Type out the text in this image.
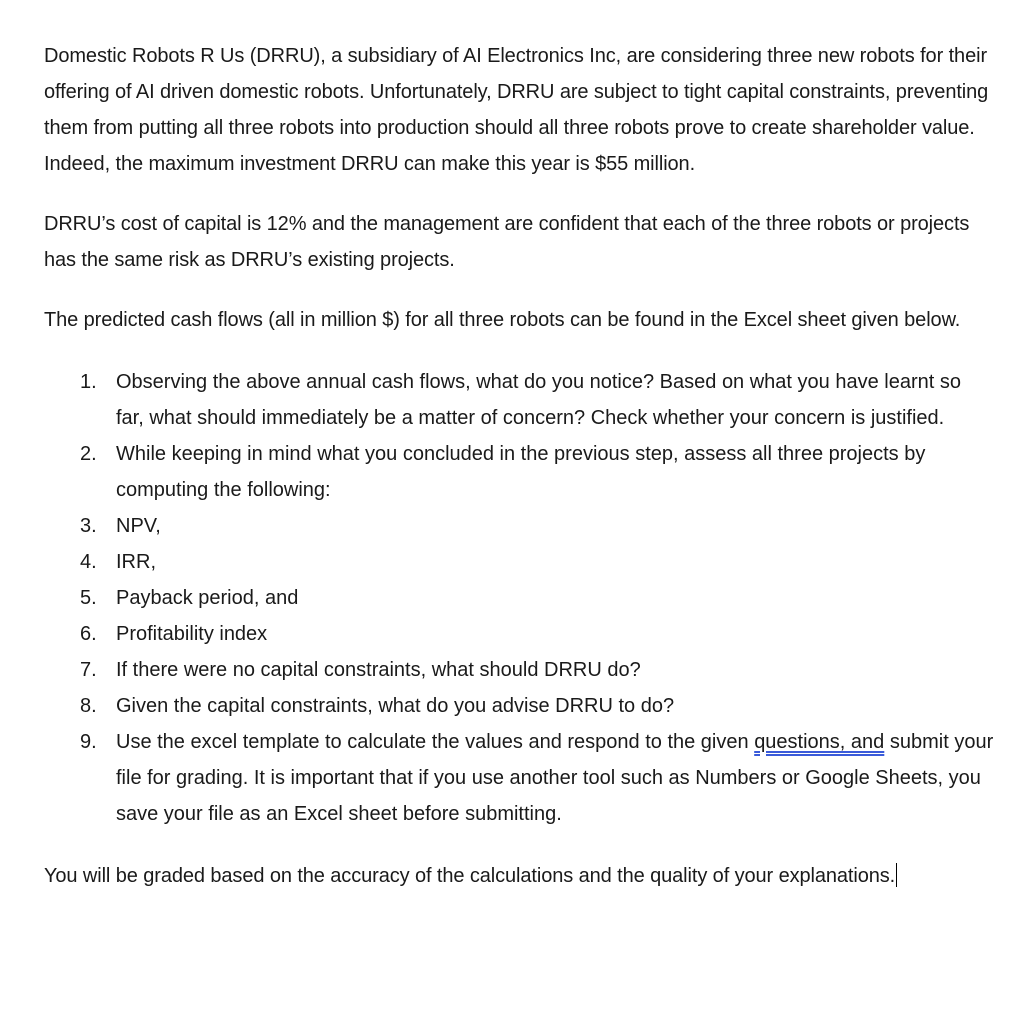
Domestic Robots R Us (DRRU), a subsidiary of AI Electronics Inc, are considering three new robots for their offering of AI driven domestic robots. Unfortunately, DRRU are subject to tight capital constraints, preventing them from putting all three robots into production should all three robots prove to create shareholder value. Indeed, the maximum investment DRRU can make this year is $55 million.

DRRU’s cost of capital is 12% and the management are confident that each of the three robots or projects has the same risk as DRRU’s existing projects.

The predicted cash flows (all in million $) for all three robots can be found in the Excel sheet given below.

1. Observing the above annual cash flows, what do you notice? Based on what you have learnt so far, what should immediately be a matter of concern? Check whether your concern is justified.
2. While keeping in mind what you concluded in the previous step, assess all three projects by computing the following:
3. NPV,
4. IRR,
5. Payback period, and
6. Profitability index
7. If there were no capital constraints, what should DRRU do?
8. Given the capital constraints, what do you advise DRRU to do?
9. Use the excel template to calculate the values and respond to the given questions, and submit your file for grading. It is important that if you use another tool such as Numbers or Google Sheets, you save your file as an Excel sheet before submitting.

You will be graded based on the accuracy of the calculations and the quality of your explanations.
